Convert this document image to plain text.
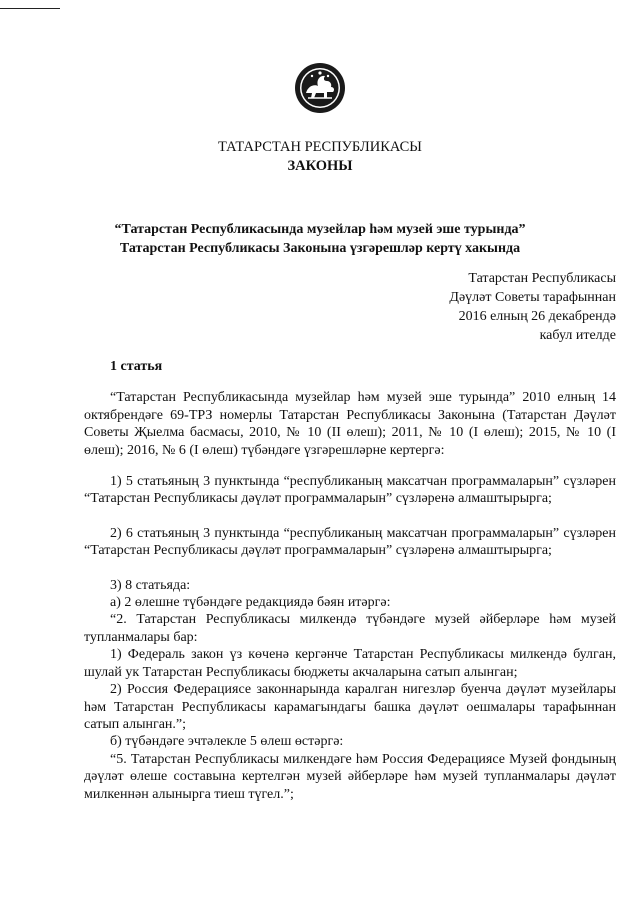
ТАТАРСТАН РЕСПУБЛИКАСЫ
ЗАКОНЫ
“Татарстан Республикасында музейлар һәм музей эше турында”
Татарстан Республикасы Законына үзгәрешләр кертү хакында
Татарстан Республикасы
Дәүләт Советы тарафыннан
2016 елның 26 декабрендә
кабул ителде

1 статья

“Татарстан Республикасында музейлар һәм музей эше турында” 2010 елның 14 октябрендәге 69-ТРЗ номерлы Татарстан Республикасы Законына (Татарстан Дәүләт Советы Җыелма басмасы, 2010, № 10 (II өлеш); 2011, № 10 (I өлеш); 2015, № 10 (I өлеш); 2016, № 6 (I өлеш) түбәндәге үзгәрешләрне кертергә:

1) 5 статьяның 3 пунктында “республиканың максатчан программаларын” сүзләрен “Татарстан Республикасы дәүләт программаларын” сүзләренә алмаштырырга;

2) 6 статьяның 3 пунктында “республиканың максатчан программаларын” сүзләрен “Татарстан Республикасы дәүләт программаларын” сүзләренә алмаштырырга;

3) 8 статьяда:

а) 2 өлешне түбәндәге редакциядә бәян итәргә:

“2. Татарстан Республикасы милкендә түбәндәге музей әйберләре һәм музей тупланмалары бар:

1) Федераль закон үз көченә кергәнче Татарстан Республикасы милкендә булган, шулай ук Татарстан Республикасы бюджеты акчаларына сатып алынган;

2) Россия Федерациясе законнарында каралган нигезләр буенча дәүләт музейлары һәм Татарстан Республикасы карамагындагы башка дәүләт оешмалары тарафыннан сатып алынган.”;

б) түбәндәге эчтәлекле 5 өлеш өстәргә:

“5. Татарстан Республикасы милкендәге һәм Россия Федерациясе Музей фондының дәүләт өлеше составына кертелгән музей әйберләре һәм музей тупланмалары дәүләт милкеннән алынырга тиеш түгел.”;
